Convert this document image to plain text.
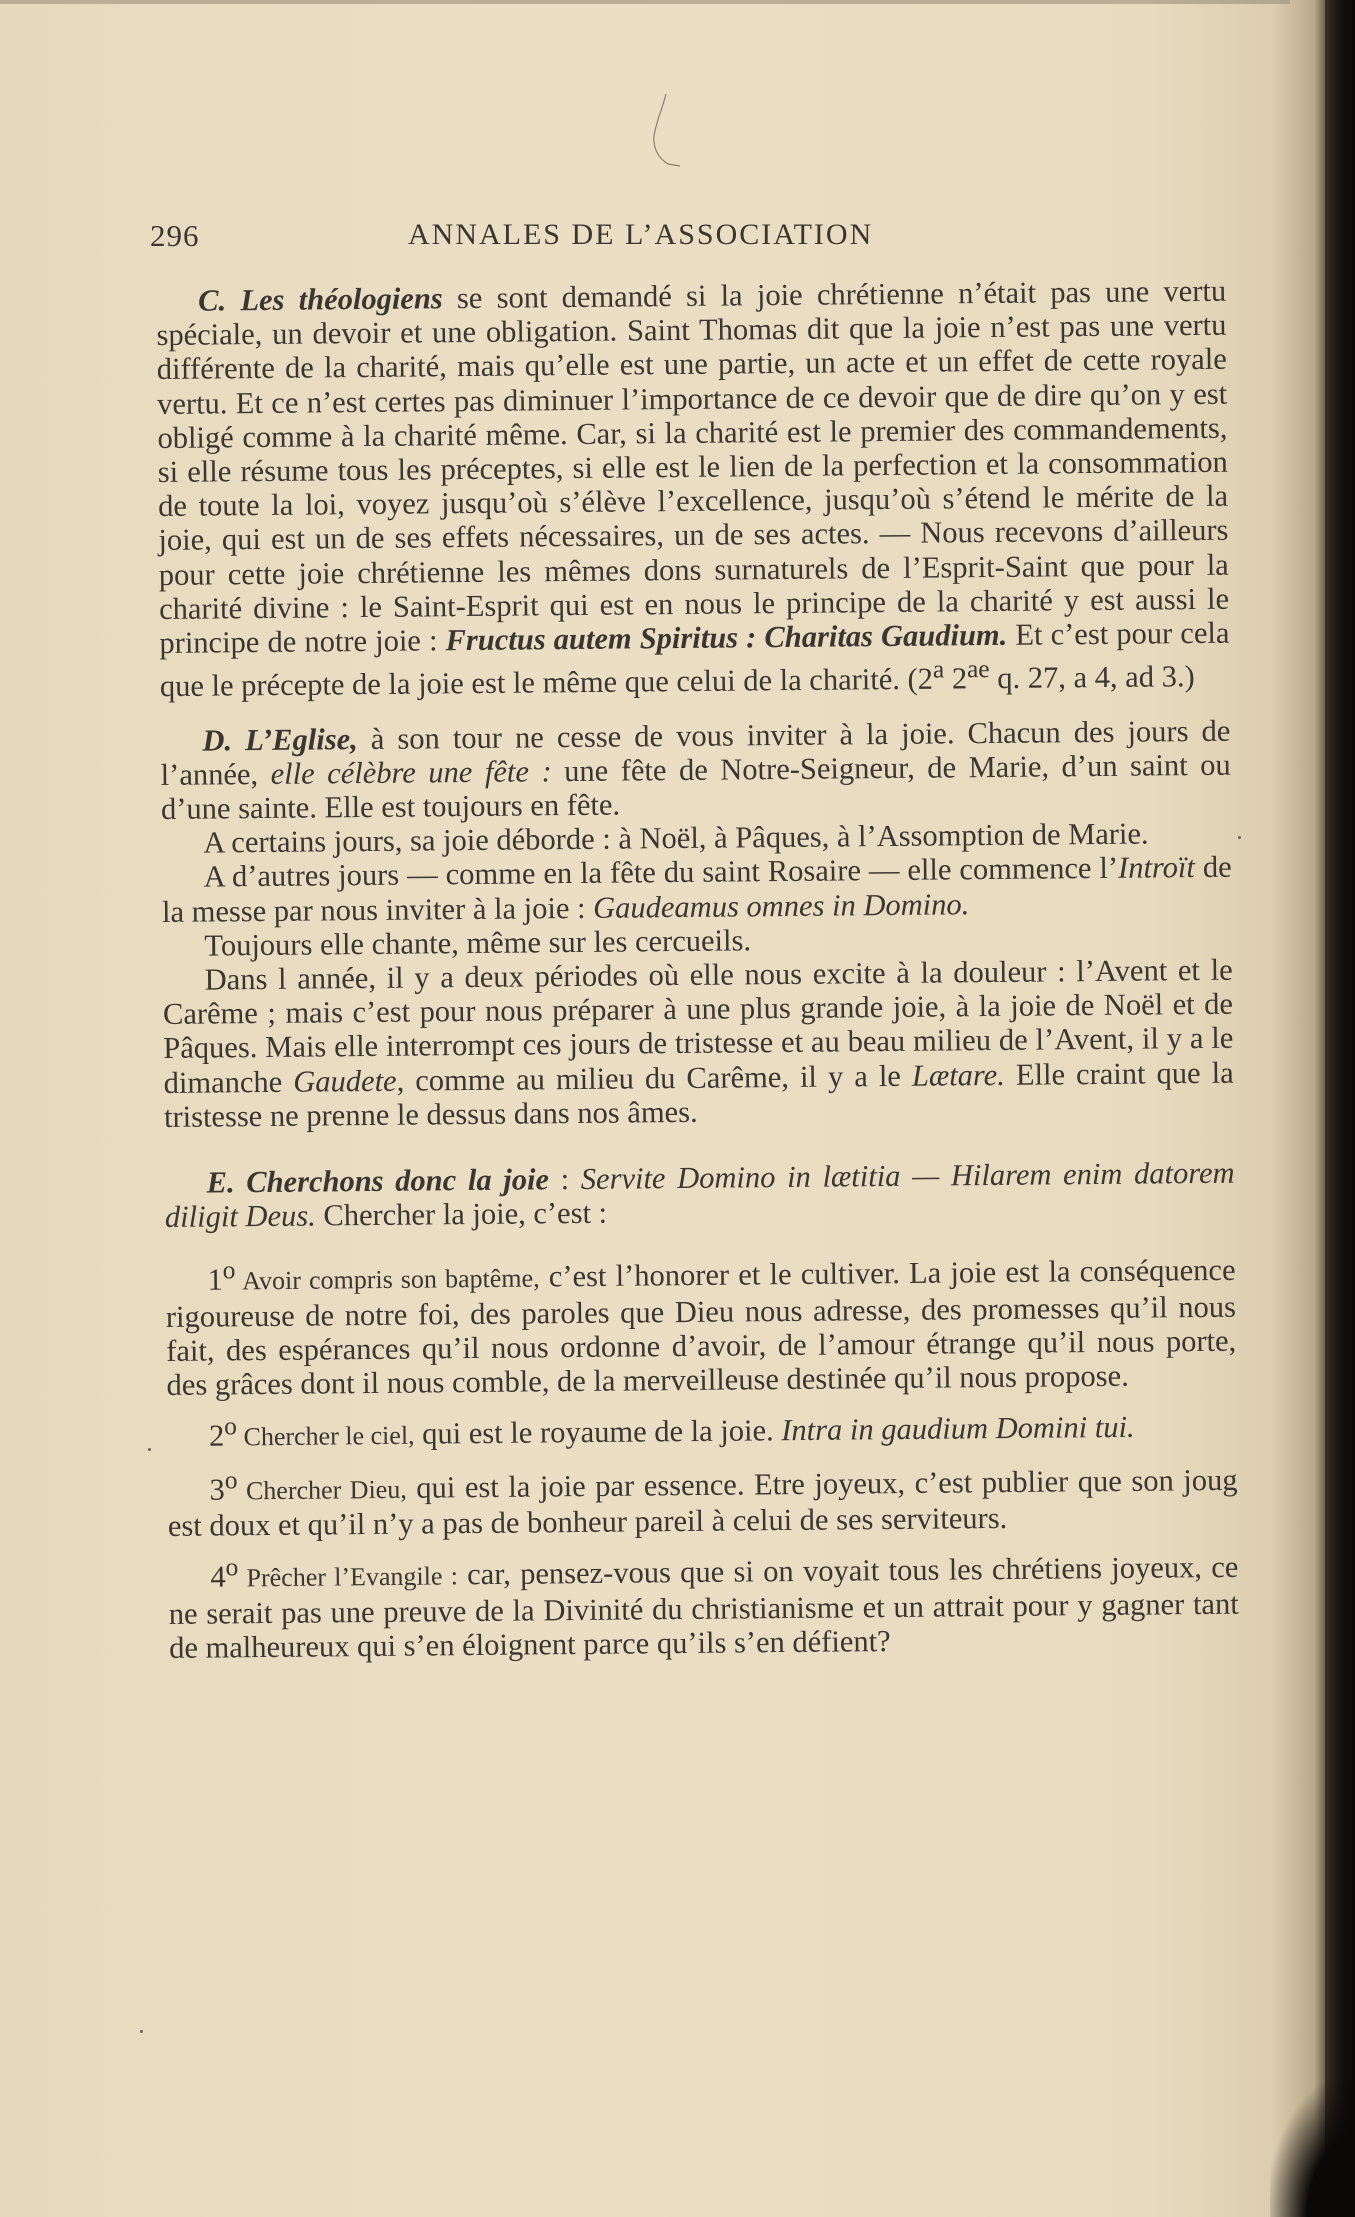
296	ANNALES DE L’ASSOCIATION

C. Les théologiens se sont demandé si la joie chrétienne n’était pas une vertu spéciale, un devoir et une obligation. Saint Thomas dit que la joie n’est pas une vertu différente de la charité, mais qu’elle est une partie, un acte et un effet de cette royale vertu. Et ce n’est certes pas diminuer l’importance de ce devoir que de dire qu’on y est obligé comme à la charité même. Car, si la charité est le premier des commandements, si elle résume tous les préceptes, si elle est le lien de la perfection et la consommation de toute la loi, voyez jusqu’où s’élève l’excellence, jusqu’où s’étend le mérite de la joie, qui est un de ses effets nécessaires, un de ses actes. — Nous recevons d’ailleurs pour cette joie chrétienne les mêmes dons surnaturels de l’Esprit-Saint que pour la charité divine : le Saint-Esprit qui est en nous le principe de la charité y est aussi le principe de notre joie : Fructus autem Spiritus : Charitas Gaudium. Et c’est pour cela que le précepte de la joie est le même que celui de la charité. (2$^a$ $2^{ae}$ q. 27, a 4, ad 3.)

D. L’Eglise, à son tour ne cesse de vous inviter à la joie. Chacun des jours de l’année, elle célèbre une fête : une fête de Notre-Seigneur, de Marie, d’un saint ou d’une sainte. Elle est toujours en fête.

A certains jours, sa joie déborde : à Noël, à Pâques, à l’Assomption de Marie.

A d’autres jours — comme en la fête du saint Rosaire — elle commence l’Introït de la messe par nous inviter à la joie : Gaudeamus omnes in Domino.

Toujours elle chante, même sur les cercueils.

Dans l année, il y a deux périodes où elle nous excite à la douleur : l’Avent et le Carême ; mais c’est pour nous préparer à une plus grande joie, à la joie de Noël et de Pâques. Mais elle interrompt ces jours de tristesse et au beau milieu de l’Avent, il y a le dimanche Gaudete, comme au milieu du Carême, il y a le Lætare. Elle craint que la tristesse ne prenne le dessus dans nos âmes.

E. Cherchons donc la joie : Servite Domino in lætitia — Hilarem enim datorem diligit Deus. Chercher la joie, c’est :

1$^o$ Avoir compris son baptême, c’est l’honorer et le cultiver. La joie est la conséquence rigoureuse de notre foi, des paroles que Dieu nous adresse, des promesses qu’il nous fait, des espérances qu’il nous ordonne d’avoir, de l’amour étrange qu’il nous porte, des grâces dont il nous comble, de la merveilleuse destinée qu’il nous propose.

2$^o$ Chercher le ciel, qui est le royaume de la joie. Intra in gaudium Domini tui.

3$^o$ Chercher Dieu, qui est la joie par essence. Etre joyeux, c’est publier que son joug est doux et qu’il n’y a pas de bonheur pareil à celui de ses serviteurs.

4$^o$ Prêcher l’Evangile : car, pensez-vous que si on voyait tous les chrétiens joyeux, ce ne serait pas une preuve de la Divinité du christianisme et un attrait pour y gagner tant de malheureux qui s’en éloignent parce qu’ils s’en défient?
